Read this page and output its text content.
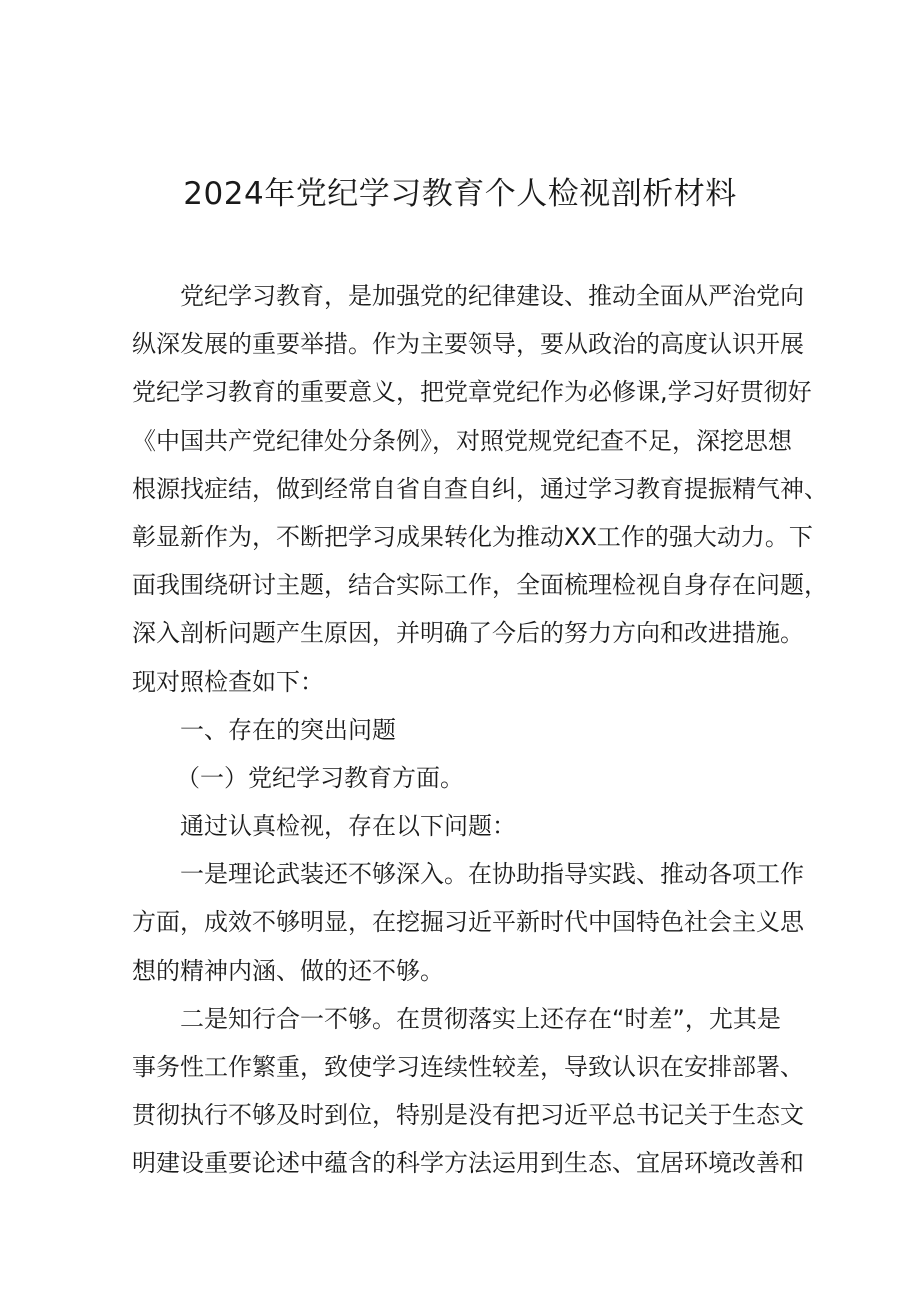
2024年党纪学习教育个人检视剖析材料
党纪学习教育，是加强党的纪律建设、推动全面从严治党向
纵深发展的重要举措。作为主要领导，要从政治的高度认识开展
党纪学习教育的重要意义，把党章党纪作为必修课,学习好贯彻好
《中国共产党纪律处分条例》，对照党规党纪查不足，深挖思想
根源找症结，做到经常自省自查自纠，通过学习教育提振精气神、
彰显新作为，不断把学习成果转化为推动XX工作的强大动力。下
面我围绕研讨主题，结合实际工作，全面梳理检视自身存在问题，
深入剖析问题产生原因，并明确了今后的努力方向和改进措施。
现对照检查如下：
一、存在的突出问题
（一）党纪学习教育方面。
通过认真检视，存在以下问题：
一是理论武装还不够深入。在协助指导实践、推动各项工作
方面，成效不够明显，在挖掘习近平新时代中国特色社会主义思
想的精神内涵、做的还不够。
二是知行合一不够。在贯彻落实上还存在“时差”，尤其是
事务性工作繁重，致使学习连续性较差，导致认识在安排部署、
贯彻执行不够及时到位，特别是没有把习近平总书记关于生态文
明建设重要论述中蕴含的科学方法运用到生态、宜居环境改善和
